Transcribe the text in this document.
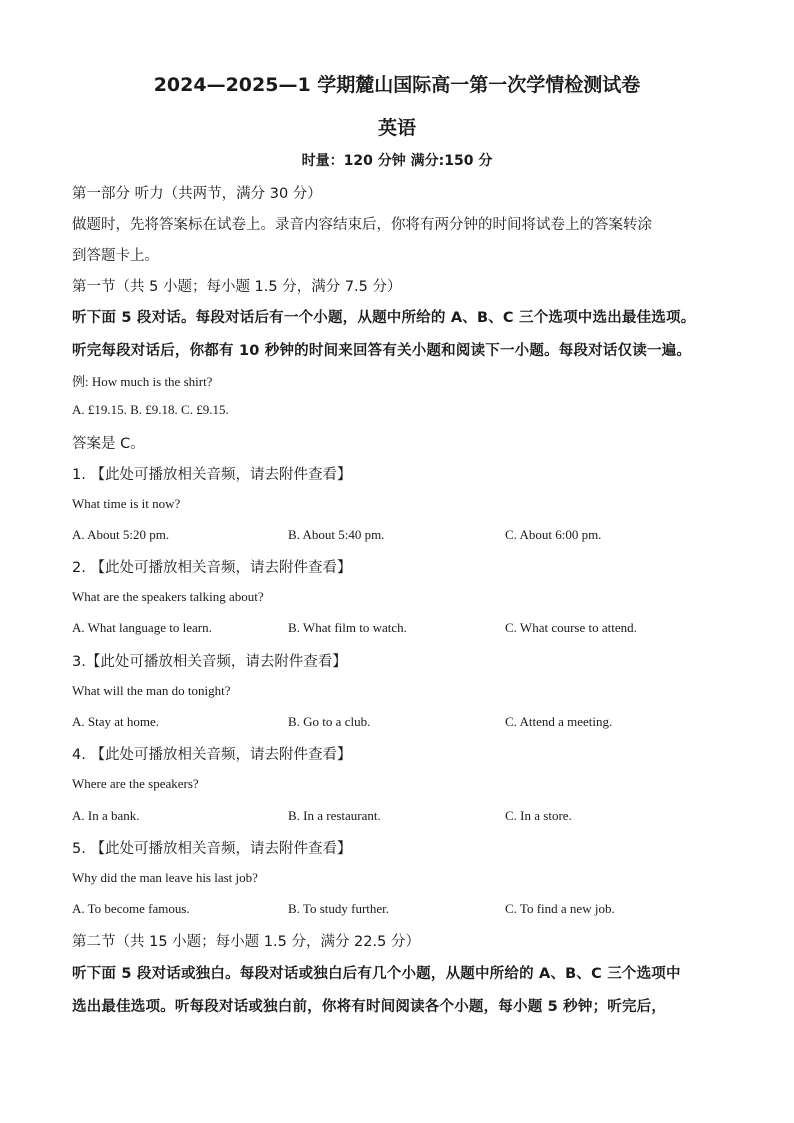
2024—2025—1 学期麓山国际高一第一次学情检测试卷
英语
时量：120 分钟 满分:150 分
第一部分 听力（共两节，满分 30 分）
做题时，先将答案标在试卷上。录音内容结束后，你将有两分钟的时间将试卷上的答案转涂
到答题卡上。
第一节（共 5 小题；每小题 1.5 分，满分 7.5 分）
听下面 5 段对话。每段对话后有一个小题，从题中所给的 A、B、C 三个选项中选出最佳选项。
听完每段对话后，你都有 10 秒钟的时间来回答有关小题和阅读下一小题。每段对话仅读一遍。
例: How much is the shirt?
A. £19.15. B. £9.18. C. £9.15.
答案是 C。
1. 【此处可播放相关音频，请去附件查看】
What time is it now?
A. About 5:20 pm.	B. About 5:40 pm.	C. About 6:00 pm.
2. 【此处可播放相关音频，请去附件查看】
What are the speakers talking about?
A. What language to learn.	B. What film to watch.	C. What course to attend.
3.【此处可播放相关音频，请去附件查看】
What will the man do tonight?
A. Stay at home.	B. Go to a club.	C. Attend a meeting.
4. 【此处可播放相关音频，请去附件查看】
Where are the speakers?
A. In a bank.	B. In a restaurant.	C. In a store.
5. 【此处可播放相关音频，请去附件查看】
Why did the man leave his last job?
A. To become famous.	B. To study further.	C. To find a new job.
第二节（共 15 小题；每小题 1.5 分，满分 22.5 分）
听下面 5 段对话或独白。每段对话或独白后有几个小题，从题中所给的 A、B、C 三个选项中
选出最佳选项。听每段对话或独白前，你将有时间阅读各个小题，每小题 5 秒钟；听完后，
